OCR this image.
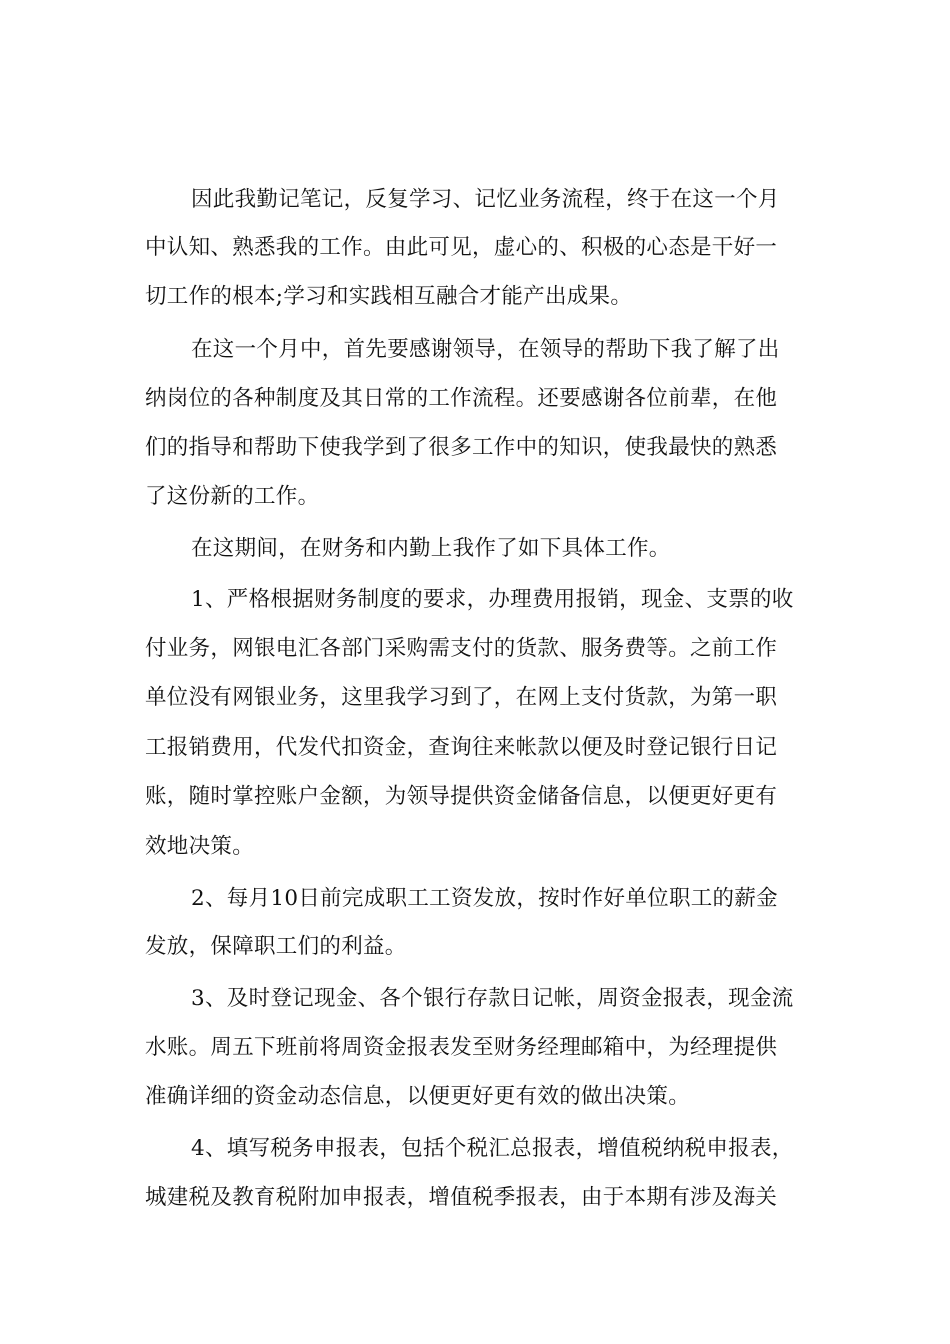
因此我勤记笔记，反复学习、记忆业务流程，终于在这一个月
中认知、熟悉我的工作。由此可见，虚心的、积极的心态是干好一
切工作的根本;学习和实践相互融合才能产出成果。
在这一个月中，首先要感谢领导，在领导的帮助下我了解了出
纳岗位的各种制度及其日常的工作流程。还要感谢各位前辈，在他
们的指导和帮助下使我学到了很多工作中的知识，使我最快的熟悉
了这份新的工作。
在这期间，在财务和内勤上我作了如下具体工作。
1、严格根据财务制度的要求，办理费用报销，现金、支票的收
付业务，网银电汇各部门采购需支付的货款、服务费等。之前工作
单位没有网银业务，这里我学习到了，在网上支付货款，为第一职
工报销费用，代发代扣资金，查询往来帐款以便及时登记银行日记
账，随时掌控账户金额，为领导提供资金储备信息，以便更好更有
效地决策。
2、每月10日前完成职工工资发放，按时作好单位职工的薪金
发放，保障职工们的利益。
3、及时登记现金、各个银行存款日记帐，周资金报表，现金流
水账。周五下班前将周资金报表发至财务经理邮箱中，为经理提供
准确详细的资金动态信息，以便更好更有效的做出决策。
4、填写税务申报表，包括个税汇总报表，增值税纳税申报表，
城建税及教育税附加申报表，增值税季报表，由于本期有涉及海关
